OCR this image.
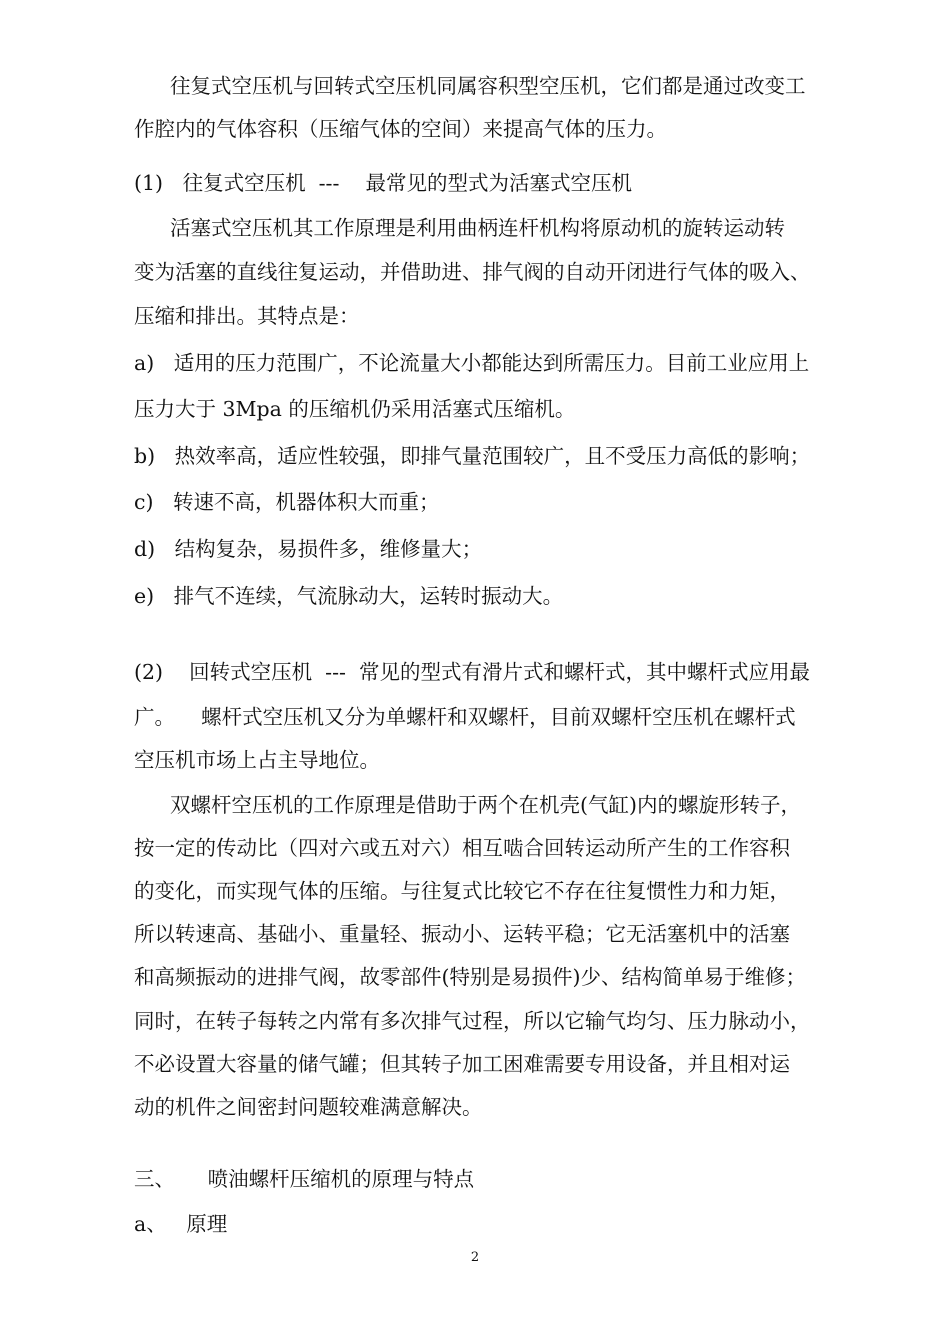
往复式空压机与回转式空压机同属容积型空压机，它们都是通过改变工

作腔内的气体容积（压缩气体的空间）来提高气体的压力。

(1)   往复式空压机  ---    最常见的型式为活塞式空压机

活塞式空压机其工作原理是利用曲柄连杆机构将原动机的旋转运动转

变为活塞的直线往复运动，并借助进、排气阀的自动开闭进行气体的吸入、

压缩和排出。其特点是：

a)   适用的压力范围广，不论流量大小都能达到所需压力。目前工业应用上

压力大于 3Mpa 的压缩机仍采用活塞式压缩机。

b)   热效率高，适应性较强，即排气量范围较广，且不受压力高低的影响；

c)   转速不高，机器体积大而重；

d)   结构复杂，易损件多，维修量大；

e)   排气不连续，气流脉动大，运转时振动大。

(2)    回转式空压机  ---  常见的型式有滑片式和螺杆式，其中螺杆式应用最

广。    螺杆式空压机又分为单螺杆和双螺杆，目前双螺杆空压机在螺杆式

空压机市场上占主导地位。

双螺杆空压机的工作原理是借助于两个在机壳(气缸)内的螺旋形转子，

按一定的传动比（四对六或五对六）相互啮合回转运动所产生的工作容积

的变化，而实现气体的压缩。与往复式比较它不存在往复惯性力和力矩，

所以转速高、基础小、重量轻、振动小、运转平稳；它无活塞机中的活塞

和高频振动的进排气阀，故零部件(特别是易损件)少、结构简单易于维修；

同时，在转子每转之内常有多次排气过程，所以它输气均匀、压力脉动小，

不必设置大容量的储气罐；但其转子加工困难需要专用设备，并且相对运

动的机件之间密封问题较难满意解决。

三、     喷油螺杆压缩机的原理与特点

a、   原理

2
